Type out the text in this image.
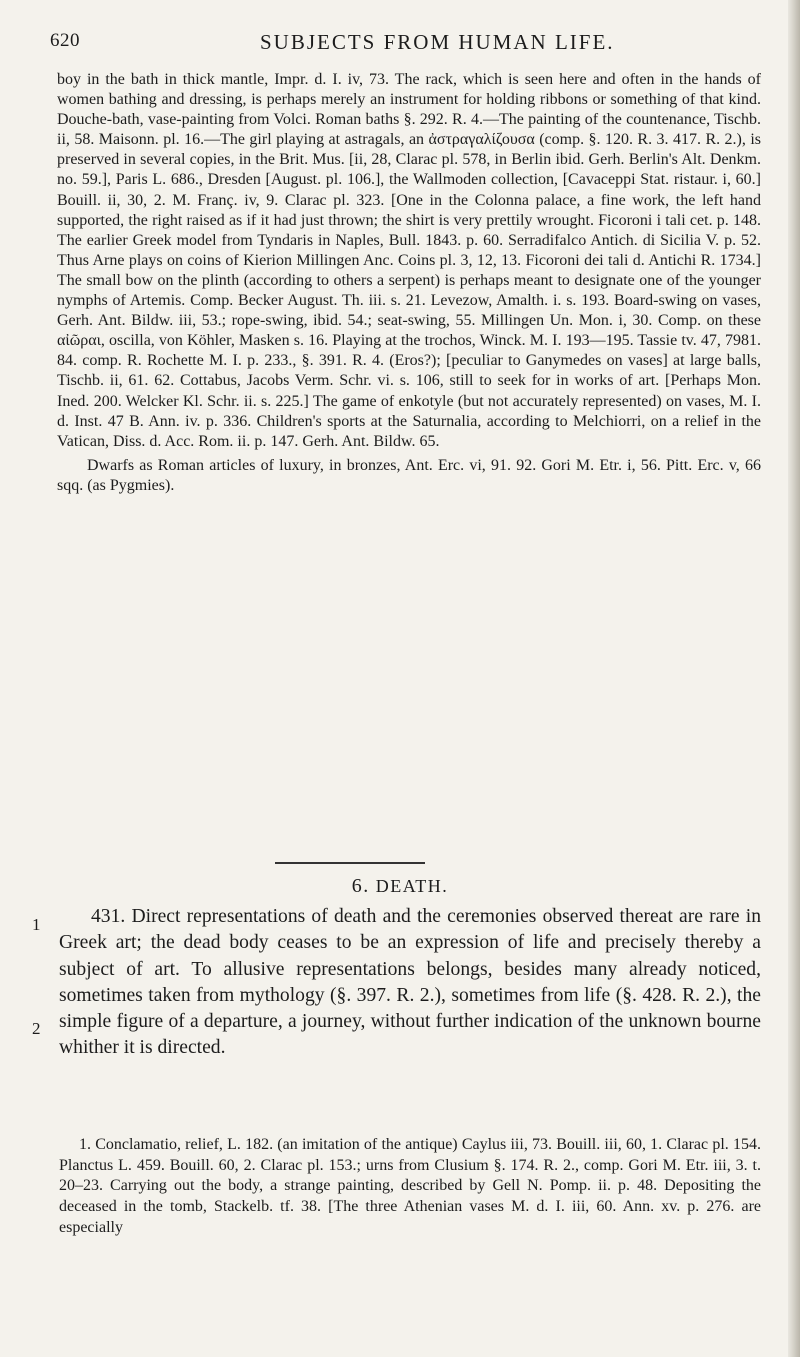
620	SUBJECTS FROM HUMAN LIFE.

boy in the bath in thick mantle, Impr. d. I. iv, 73. The rack, which is seen here and often in the hands of women bathing and dressing, is perhaps merely an instrument for holding ribbons or something of that kind. Douche-bath, vase-painting from Volci. Roman baths §. 292. R. 4.—The painting of the countenance, Tischb. ii, 58. Maisonn. pl. 16.—The girl playing at astragals, an ἀστραγαλίζουσα (comp. §. 120. R. 3. 417. R. 2.), is preserved in several copies, in the Brit. Mus. [ii, 28, Clarac pl. 578, in Berlin ibid. Gerh. Berlin's Alt. Denkm. no. 59.], Paris L. 686., Dresden [August. pl. 106.], the Wallmoden collection, [Cavaceppi Stat. ristaur. i, 60.] Bouill. ii, 30, 2. M. Franç. iv, 9. Clarac pl. 323. [One in the Colonna palace, a fine work, the left hand supported, the right raised as if it had just thrown; the shirt is very prettily wrought. Ficoroni i tali cet. p. 148. The earlier Greek model from Tyndaris in Naples, Bull. 1843. p. 60. Serradifalco Antich. di Sicilia V. p. 52. Thus Arne plays on coins of Kierion Millingen Anc. Coins pl. 3, 12, 13. Ficoroni dei tali d. Antichi R. 1734.] The small bow on the plinth (according to others a serpent) is perhaps meant to designate one of the younger nymphs of Artemis. Comp. Becker August. Th. iii. s. 21. Levezow, Amalth. i. s. 193. Board-swing on vases, Gerh. Ant. Bildw. iii, 53.; rope-swing, ibid. 54.; seat-swing, 55. Millingen Un. Mon. i, 30. Comp. on these αἰῶραι, oscilla, von Köhler, Masken s. 16. Playing at the trochos, Winck. M. I. 193—195. Tassie tv. 47, 7981. 84. comp. R. Rochette M. I. p. 233., §. 391. R. 4. (Eros?); [peculiar to Ganymedes on vases] at large balls, Tischb. ii, 61. 62. Cottabus, Jacobs Verm. Schr. vi. s. 106, still to seek for in works of art. [Perhaps Mon. Ined. 200. Welcker Kl. Schr. ii. s. 225.] The game of enkotyle (but not accurately represented) on vases, M. I. d. Inst. 47 B. Ann. iv. p. 336. Children's sports at the Saturnalia, according to Melchiorri, on a relief in the Vatican, Diss. d. Acc. Rom. ii. p. 147. Gerh. Ant. Bildw. 65.

Dwarfs as Roman articles of luxury, in bronzes, Ant. Erc. vi, 91. 92. Gori M. Etr. i, 56. Pitt. Erc. v, 66 sqq. (as Pygmies).

6. DEATH.
1
2

431. Direct representations of death and the ceremonies observed thereat are rare in Greek art; the dead body ceases to be an expression of life and precisely thereby a subject of art. To allusive representations belongs, besides many already noticed, sometimes taken from mythology (§. 397. R. 2.), sometimes from life (§. 428. R. 2.), the simple figure of a departure, a journey, without further indication of the unknown bourne whither it is directed.

1. Conclamatio, relief, L. 182. (an imitation of the antique) Caylus iii, 73. Bouill. iii, 60, 1. Clarac pl. 154. Planctus L. 459. Bouill. 60, 2. Clarac pl. 153.; urns from Clusium §. 174. R. 2., comp. Gori M. Etr. iii, 3. t. 20–23. Carrying out the body, a strange painting, described by Gell N. Pomp. ii. p. 48. Depositing the deceased in the tomb, Stackelb. tf. 38. [The three Athenian vases M. d. I. iii, 60. Ann. xv. p. 276. are especially
